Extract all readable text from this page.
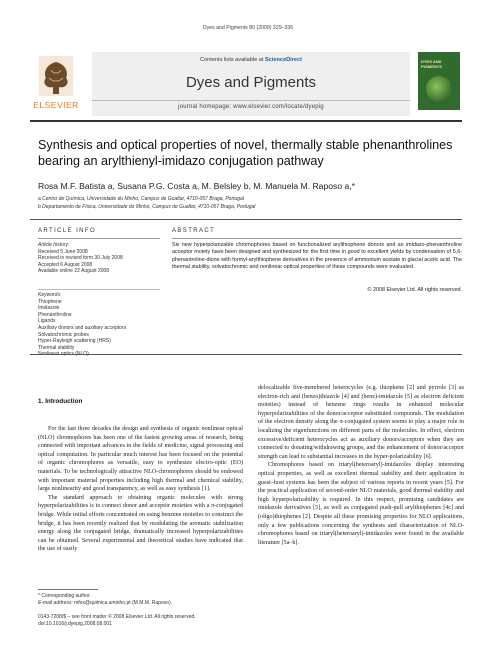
Dyes and Pigments 80 (2009) 329–336
ELSEVIER
Contents lists available at ScienceDirect
Dyes and Pigments
journal homepage: www.elsevier.com/locate/dyepig
DYES AND PIGMENTS
Synthesis and optical properties of novel, thermally stable phenanthrolines bearing an arylthienyl-imidazo conjugation pathway
Rosa M.F. Batista a, Susana P.G. Costa a, M. Belsley b, M. Manuela M. Raposo a,*
a Centro de Química, Universidade do Minho, Campus de Gualtar, 4710-057 Braga, Portugal
b Departamento de Física, Universidade do Minho, Campus de Gualtar, 4710-057 Braga, Portugal
ARTICLE INFO	ABSTRACT
Article history:
Received 5 June 2008
Received in revised form 30 July 2008
Accepted 6 August 2008
Available online 22 August 2008
Keywords:
Thiophene
Imidazole
Phenanthroline
Ligands
Auxiliary donors and auxiliary acceptors
Solvatochromic probes
Hyper-Rayleigh scattering (HRS)
Thermal stability
Six new hyperpolarizable chromophores based on functionalized arylthiophene donors and an imidazo-phenanthroline acceptor moiety have been designed and synthesized for the first time in good to excellent yields by condensation of 5,6-phenantroline-dione with formyl-arylthiophene derivatives in the presence of ammonium acetate in glacial acetic acid. The thermal stability, solvatochromic and nonlinear optical properties of these compounds were evaluated.
© 2008 Elsevier Ltd. All rights reserved.
1. Introduction

For the last three decades the design and synthesis of organic nonlinear optical (NLO) chromophores has been one of the fastest growing areas of research, being connected with important advances in the fields of medicine, signal processing and optical computation. In particular much interest has been focused on the potential of organic chromophores as versatile, easy to synthesize electro-optic (EO) materials. To be technologically attractive NLO-chromophores should be endowed with important material properties including high thermal and chemical stability, large nonlinearity and good transparency, as well as easy synthesis [1].

The standard approach to obtaining organic molecules with strong hyperpolarizabilities is to connect donor and acceptor moieties with a π-conjugated bridge. While initial efforts concentrated on using benzene moieties to construct the bridge, it has been recently realized that by modulating the aromatic stabilization energy along the conjugated bridge, dramatically increased hyperpolarizabilities can be obtained. Several experimental and theoretical studies have indicated that the use of easily

delocalizable five-membered heterocycles (e.g. thiophene [2] and pyrrole [3] as electron-rich and (benzo)thiazole [4] and (benz)-imidazole [5] as electron deficient moieties) instead of benzene rings results in enhanced molecular hyperpolarizabilities of the donor/acceptor substituted compounds. The modulation of the electron density along the π-conjugated system seems to play a major role in localizing the eigenfunctions on different parts of the molecules. In effect, electron excessive/deficient heterocycles act as auxiliary donors/acceptors when they are connected to donating/withdrawing groups, and the enhancement of donor/acceptor strength can lead to substantial increases in the hyper-polarizability [6].

Chromophores based on triaryl(heteroaryl)-imidazoles display interesting optical properties, as well as excellent thermal stability and their application in guest–host systems has been the subject of various reports in recent years [5]. For the practical application of second-order NLO materials, good thermal stability and high hyperpolarizability is required. In this respect, promising candidates are imidazole derivatives [5], as well as conjugated push-pull arylthiophenes [4c] and (oligo)thiophenes [2]. Despite all these promising properties for NLO applications, only a few publications concerning the synthesis and characterization of NLO-chromophores based on triaryl(heteroaryl)-imidazoles were found in the available literature [5a–h].

* Corresponding author.
E-mail address: mfox@quimica.uminho.pt (M.M.M. Raposo).
0143-7208/$ – see front matter © 2008 Elsevier Ltd. All rights reserved.
doi:10.1016/j.dyepig.2008.08.001
